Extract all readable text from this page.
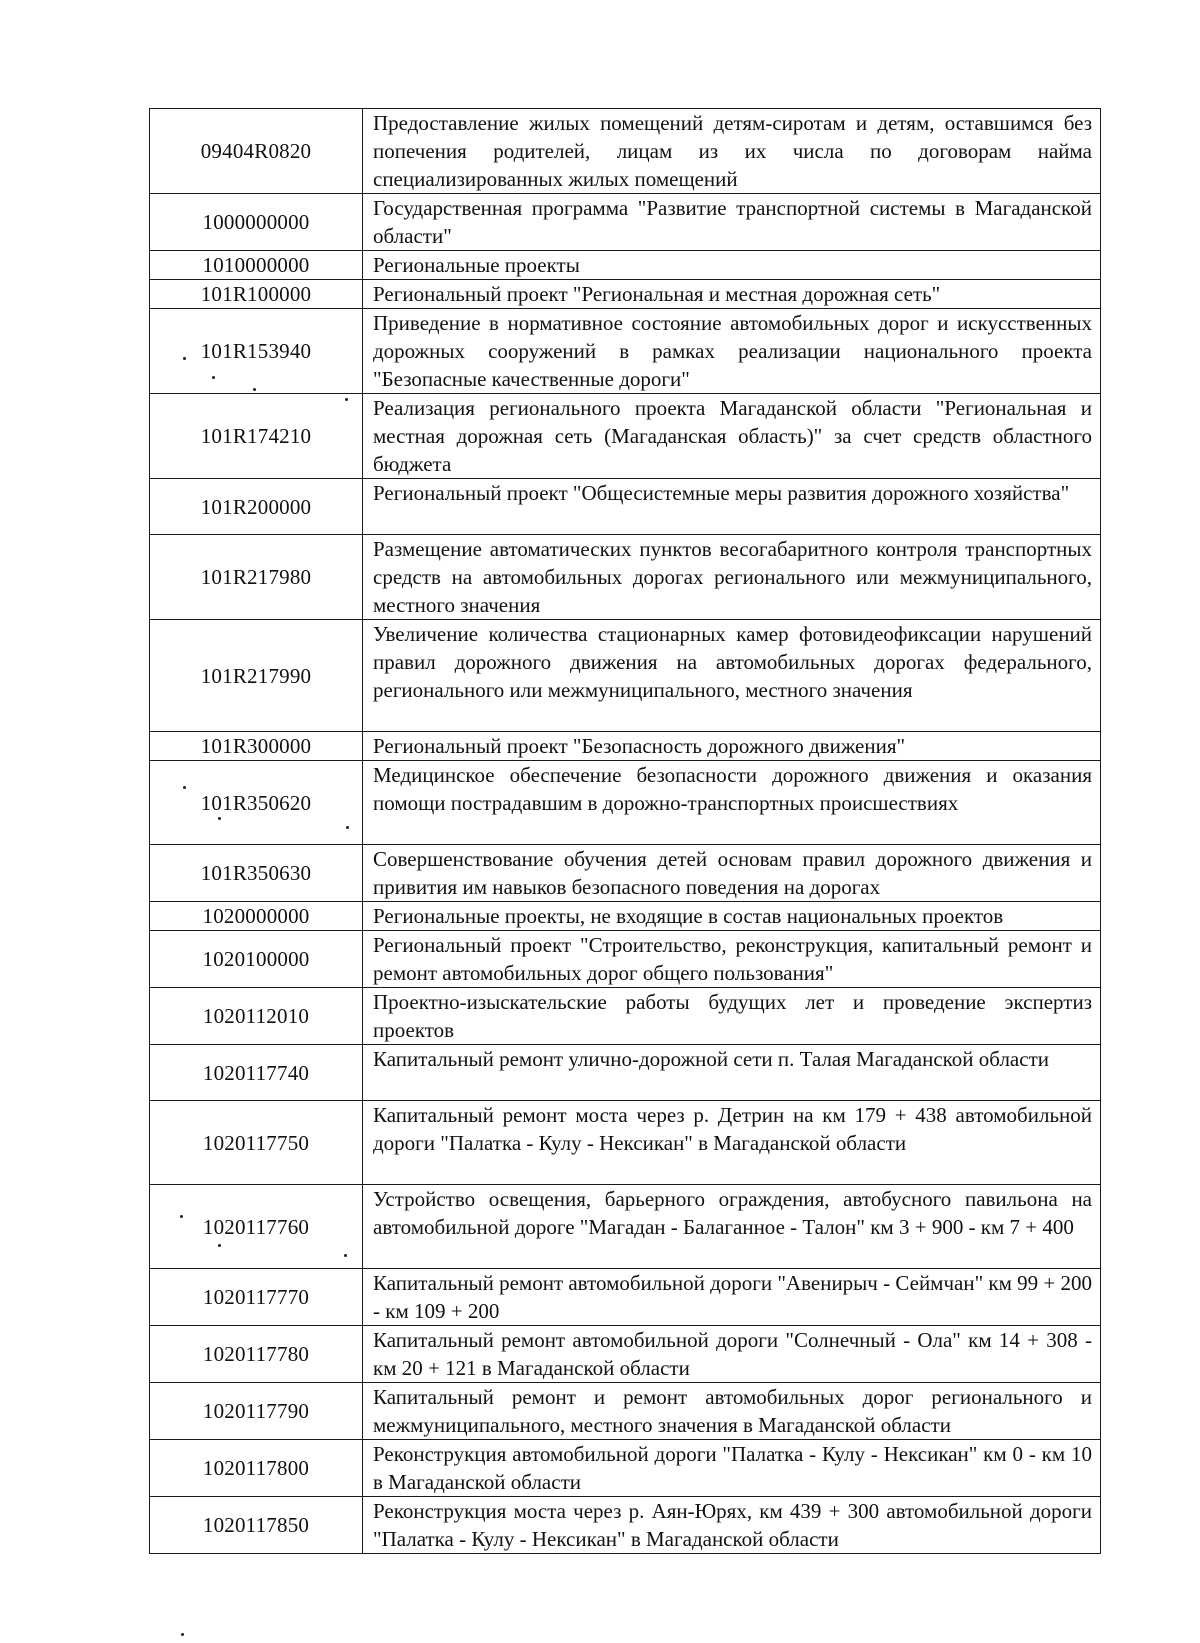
09404R0820	Предоставление жилых помещений детям-сиротам и детям, оставшимся без попечения родителей, лицам из их числа по договорам найма специализированных жилых помещений
1000000000	Государственная программа "Развитие транспортной системы в Магаданской области"
1010000000	Региональные проекты
101R100000	Региональный проект "Региональная и местная дорожная сеть"
101R153940	Приведение в нормативное состояние автомобильных дорог и искусственных дорожных сооружений в рамках реализации национального проекта "Безопасные качественные дороги"
101R174210	Реализация регионального проекта Магаданской области "Региональная и местная дорожная сеть (Магаданская область)" за счет средств областного бюджета
101R200000	Региональный проект "Общесистемные меры развития дорожного хозяйства"
101R217980	Размещение автоматических пунктов весогабаритного контроля транспортных средств на автомобильных дорогах регионального или межмуниципального, местного значения
101R217990	Увеличение количества стационарных камер фотовидеофиксации нарушений правил дорожного движения на автомобильных дорогах федерального, регионального или межмуниципального, местного значения
101R300000	Региональный проект "Безопасность дорожного движения"
101R350620	Медицинское обеспечение безопасности дорожного движения и оказания помощи пострадавшим в дорожно-транспортных происшествиях
101R350630	Совершенствование обучения детей основам правил дорожного движения и привития им навыков безопасного поведения на дорогах
1020000000	Региональные проекты, не входящие в состав национальных проектов
1020100000	Региональный проект "Строительство, реконструкция, капитальный ремонт и ремонт автомобильных дорог общего пользования"
1020112010	Проектно-изыскательские работы будущих лет и проведение экспертиз проектов
1020117740	Капитальный ремонт улично-дорожной сети п. Талая Магаданской области
1020117750	Капитальный ремонт моста через р. Детрин на км 179 + 438 автомобильной дороги "Палатка - Кулу - Нексикан" в Магаданской области
1020117760	Устройство освещения, барьерного ограждения, автобусного павильона на автомобильной дороге "Магадан - Балаганное - Талон" км 3 + 900 - км 7 + 400
1020117770	Капитальный ремонт автомобильной дороги "Авенирыч - Сеймчан" км 99 + 200 - км 109 + 200
1020117780	Капитальный ремонт автомобильной дороги "Солнечный - Ола" км 14 + 308 - км 20 + 121 в Магаданской области
1020117790	Капитальный ремонт и ремонт автомобильных дорог регионального и межмуниципального, местного значения в Магаданской области
1020117800	Реконструкция автомобильной дороги "Палатка - Кулу - Нексикан" км 0 - км 10 в Магаданской области
1020117850	Реконструкция моста через р. Аян-Юрях, км 439 + 300 автомобильной дороги "Палатка - Кулу - Нексикан" в Магаданской области
